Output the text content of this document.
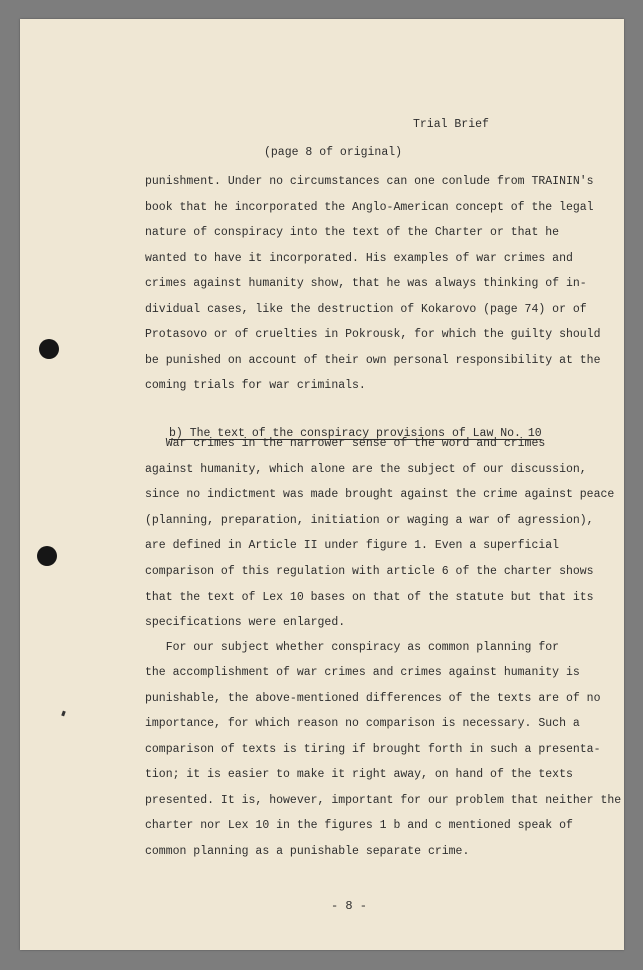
Trial Brief
(page 8 of original)
punishment. Under no circumstances can one conlude from TRAININ's
book that he incorporated the Anglo-American concept of the legal
nature of conspiracy into the text of the Charter or that he
wanted to have it incorporated. His examples of war crimes and
crimes against humanity show, that he was always thinking of in-
dividual cases, like the destruction of Kokarovo (page 74) or of
Protasovo or of cruelties in Pokrousk, for which the guilty should
be punished on account of their own personal responsibility at the
coming trials for war criminals.
b) The text of the conspiracy provisions of Law No. 10
War crimes in the narrower sense of the word and crimes
against humanity, which alone are the subject of our discussion,
since no indictment was made brought against the crime against peace
(planning, preparation, initiation or waging a war of agression),
are defined in Article II under figure 1. Even a superficial
comparison of this regulation with article 6 of the charter shows
that the text of Lex 10 bases on that of the statute but that its
specifications were enlarged.
For our subject whether conspiracy as common planning for
the accomplishment of war crimes and crimes against humanity is
punishable, the above-mentioned differences of the texts are of no
importance, for which reason no comparison is necessary. Such a
comparison of texts is tiring if brought forth in such a presenta-
tion; it is easier to make it right away, on hand of the texts
presented. It is, however, important for our problem that neither the
charter nor Lex 10 in the figures 1 b and c mentioned speak of
common planning as a punishable separate crime.
- 8 -
